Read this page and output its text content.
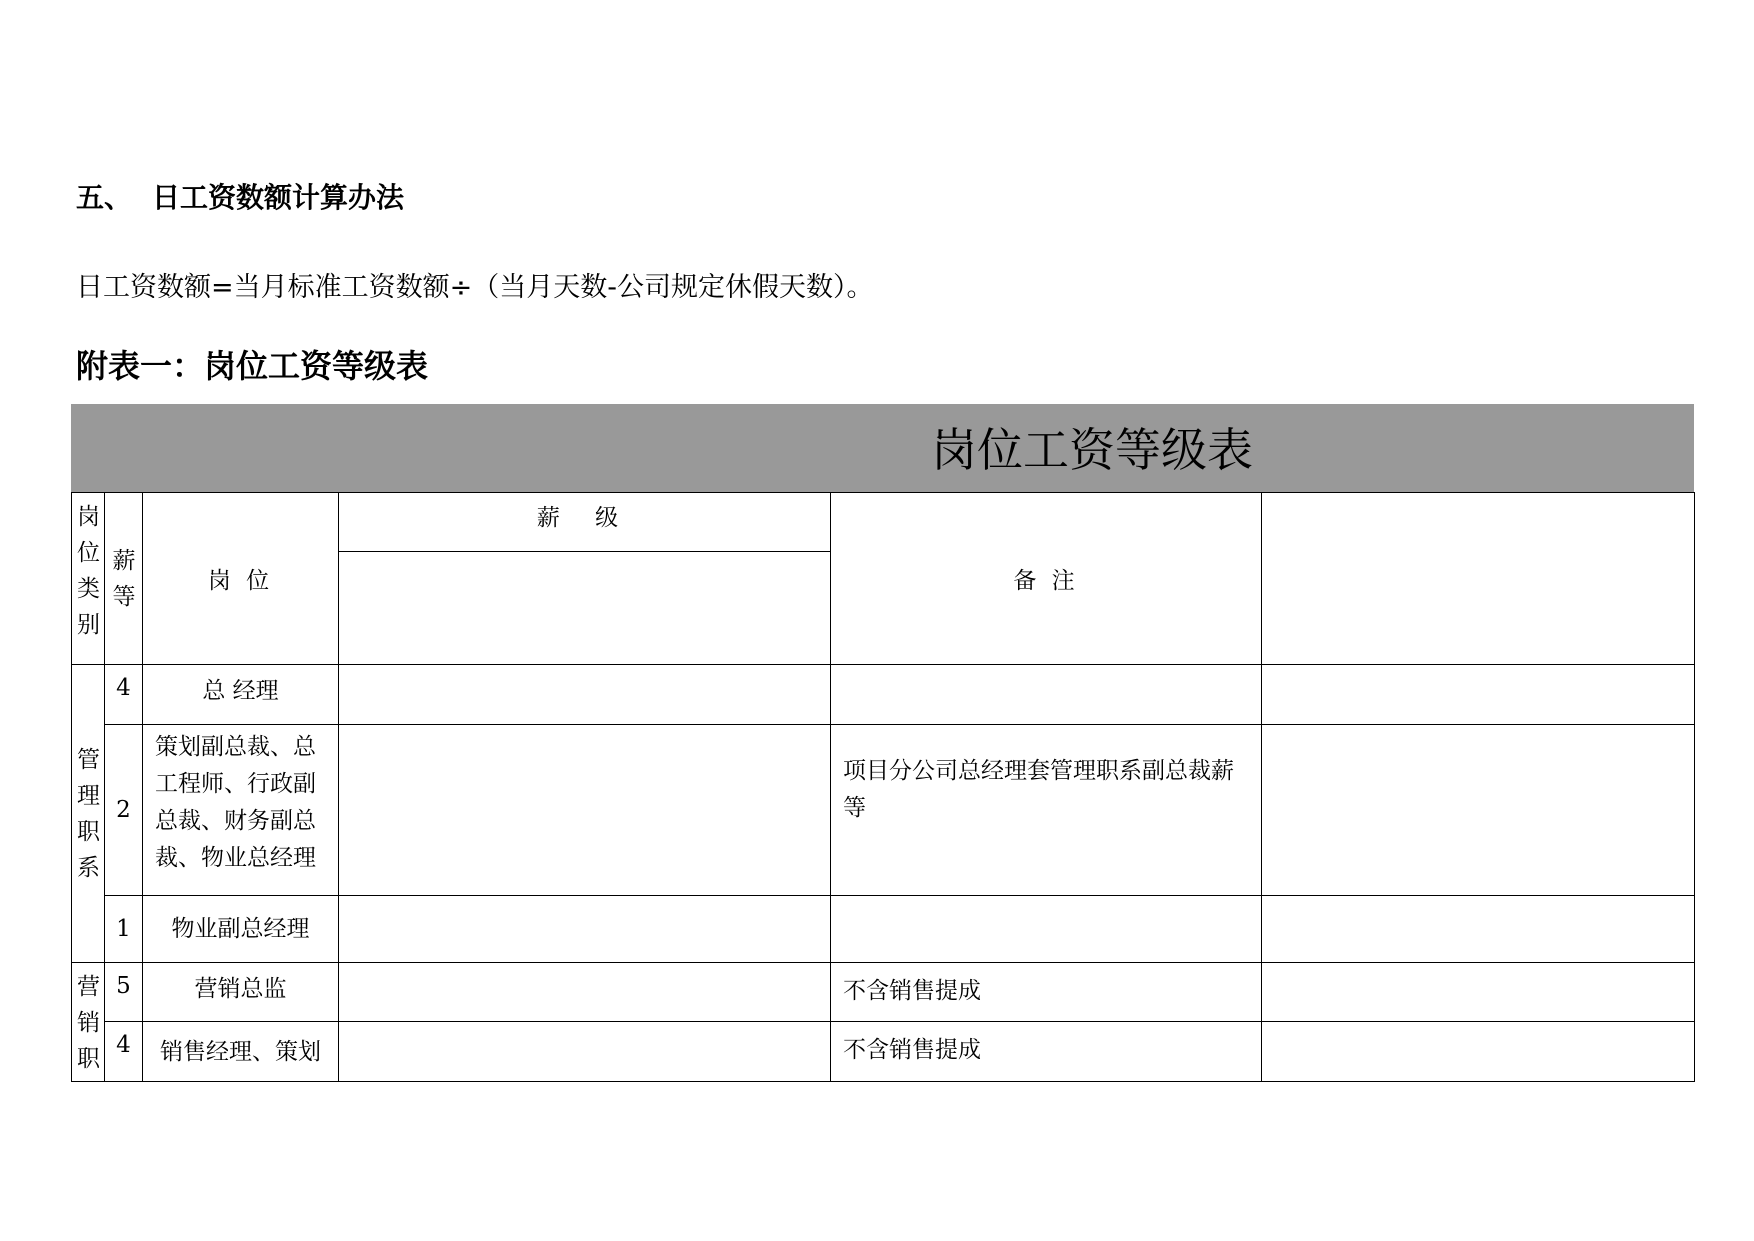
五、 日工资数额计算办法
日工资数额=当月标准工资数额÷（当月天数-公司规定休假天数）。
附表一：岗位工资等级表
岗位工资等级表
岗位类别	薪等	岗 位	薪 级	备 注	

管理职系	4	总 经理			
	2	策划副总裁、总工程师、行政副总裁、财务副总裁、物业总经理		项目分公司总经理套管理职系副总裁薪等	
	1	物业副总经理			

营销职	5	营销总监		不含销售提成	
	4	销售经理、策划		不含销售提成	
